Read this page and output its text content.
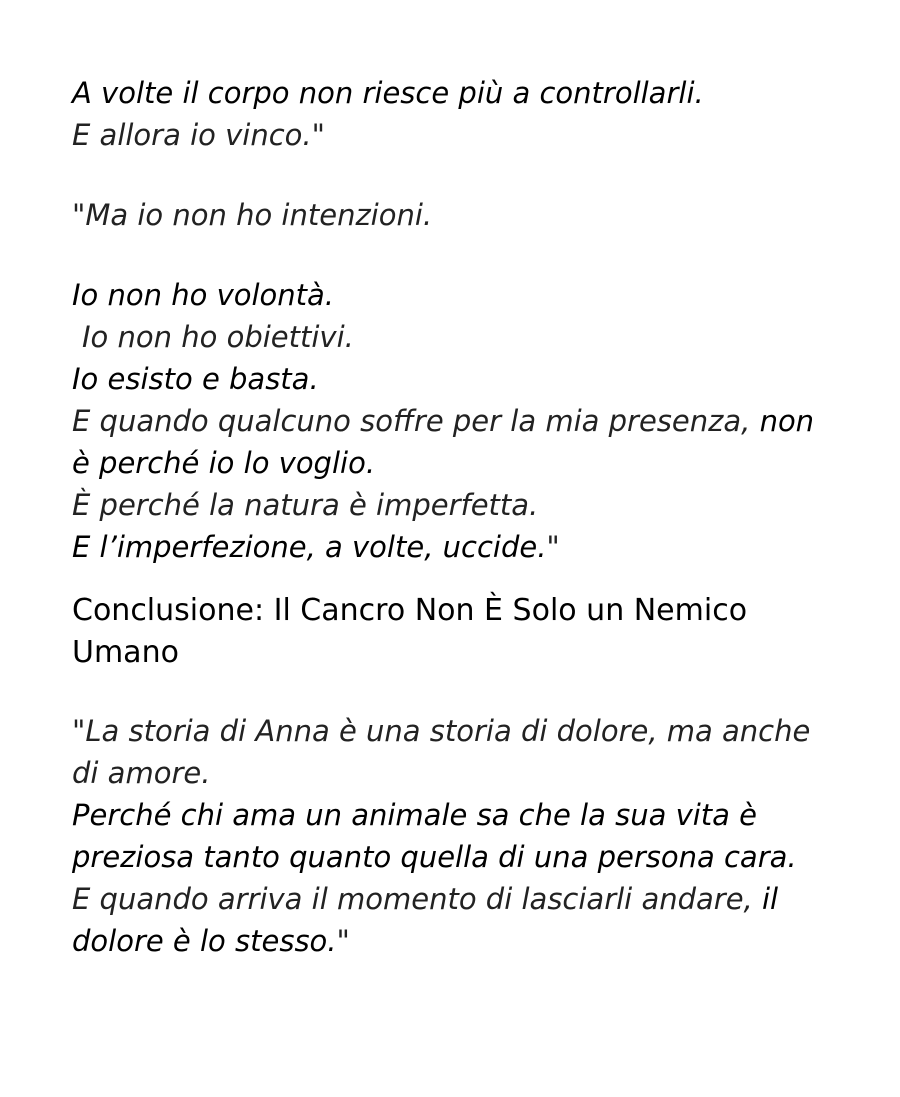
A volte il corpo non riesce più a controllarli.
E allora io vinco."
"Ma io non ho intenzioni.
Io non ho volontà.
Io non ho obiettivi.
Io esisto e basta.
E quando qualcuno soffre per la mia presenza, non
è perché io lo voglio.
È perché la natura è imperfetta.
E l’imperfezione, a volte, uccide."
Conclusione: Il Cancro Non È Solo un Nemico
Umano
"La storia di Anna è una storia di dolore, ma anche
di amore.
Perché chi ama un animale sa che la sua vita è
preziosa tanto quanto quella di una persona cara.
E quando arriva il momento di lasciarli andare, il
dolore è lo stesso."
